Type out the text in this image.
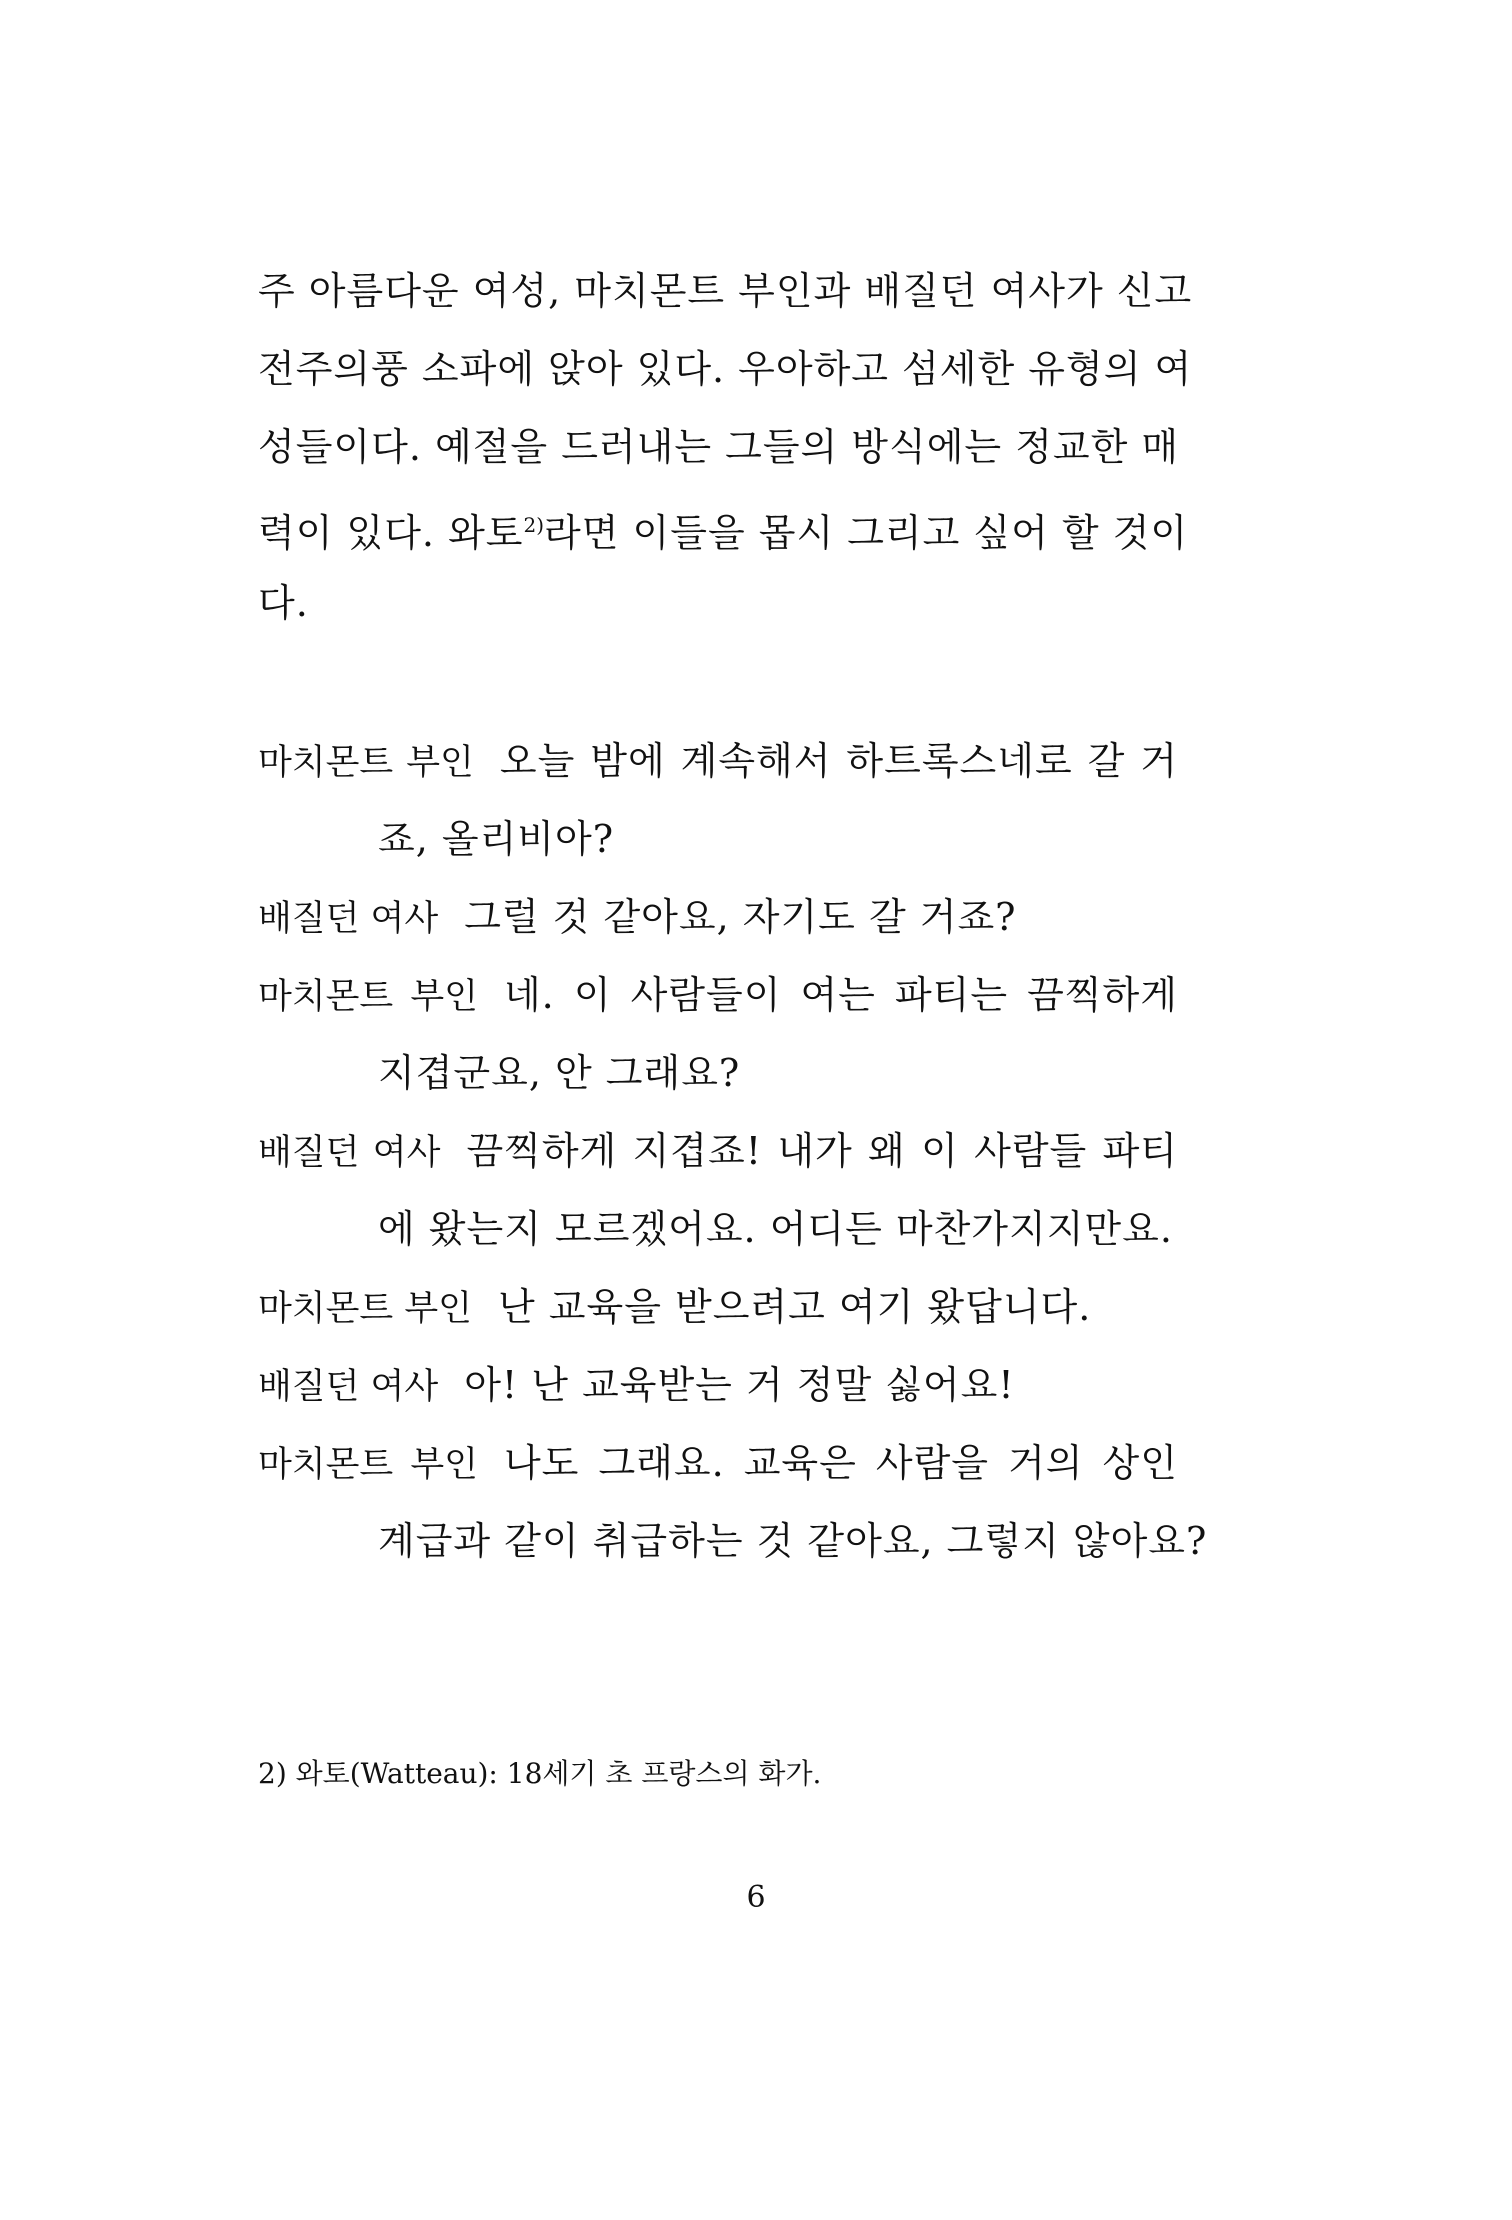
주 아름다운 여성, 마치몬트 부인과 배질던 여사가 신고
전주의풍 소파에 앉아 있다. 우아하고 섬세한 유형의 여
성들이다. 예절을 드러내는 그들의 방식에는 정교한 매
력이 있다. 와토$^{2)}$라면 이들을 몹시 그리고 싶어 할 것이
다.
마치몬트 부인 오늘 밤에 계속해서 하트록스네로 갈 거
죠, 올리비아?
배질던 여사 그럴 것 같아요, 자기도 갈 거죠?
마치몬트 부인 네. 이 사람들이 여는 파티는 끔찍하게
지겹군요, 안 그래요?
배질던 여사 끔찍하게 지겹죠! 내가 왜 이 사람들 파티
에 왔는지 모르겠어요. 어디든 마찬가지지만요.
마치몬트 부인 난 교육을 받으려고 여기 왔답니다.
배질던 여사 아! 난 교육받는 거 정말 싫어요!
마치몬트 부인 나도 그래요. 교육은 사람을 거의 상인
계급과 같이 취급하는 것 같아요, 그렇지 않아요?
2) 와토(Watteau): 18세기 초 프랑스의 화가.
6
